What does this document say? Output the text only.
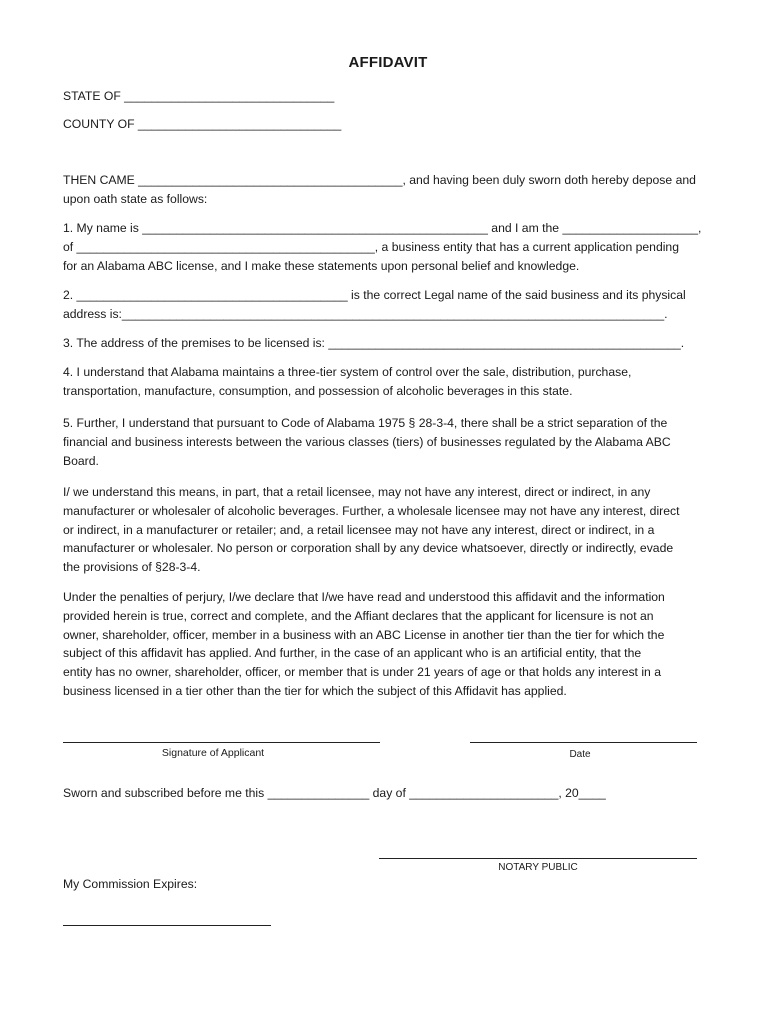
AFFIDAVIT
STATE OF _______________________________
COUNTY OF ______________________________
THEN CAME _______________________________________, and having been duly sworn doth hereby depose and
upon oath state as follows:
1. My name is ___________________________________________________ and I am the ____________________,
of ____________________________________________, a business entity that has a current application pending
for an Alabama ABC license, and I make these statements upon personal belief and knowledge.
2. ________________________________________ is the correct Legal name of the said business and its physical
address is:________________________________________________________________________________.
3. The address of the premises to be licensed is: ____________________________________________________.
4. I understand that Alabama maintains a three-tier system of control over the sale, distribution, purchase,
transportation, manufacture, consumption, and possession of alcoholic beverages in this state.
5. Further, I understand that pursuant to Code of Alabama 1975 § 28-3-4, there shall be a strict separation of the
financial and business interests between the various classes (tiers) of businesses regulated by the Alabama ABC
Board.
I/ we understand this means, in part, that a retail licensee, may not have any interest, direct or indirect, in any
manufacturer or wholesaler of alcoholic beverages. Further, a wholesale licensee may not have any interest, direct
or indirect, in a manufacturer or retailer; and, a retail licensee may not have any interest, direct or indirect, in a
manufacturer or wholesaler. No person or corporation shall by any device whatsoever, directly or indirectly, evade
the provisions of §28-3-4.
Under the penalties of perjury, I/we declare that I/we have read and understood this affidavit and the information
provided herein is true, correct and complete, and the Affiant declares that the applicant for licensure is not an
owner, shareholder, officer, member in a business with an ABC License in another tier than the tier for which the
subject of this affidavit has applied. And further, in the case of an applicant who is an artificial entity, that the
entity has no owner, shareholder, officer, or member that is under 21 years of age or that holds any interest in a
business licensed in a tier other than the tier for which the subject of this Affidavit has applied.
Signature of Applicant	Date
Sworn and subscribed before me this _______________ day of ______________________, 20____
NOTARY PUBLIC
My Commission Expires:
